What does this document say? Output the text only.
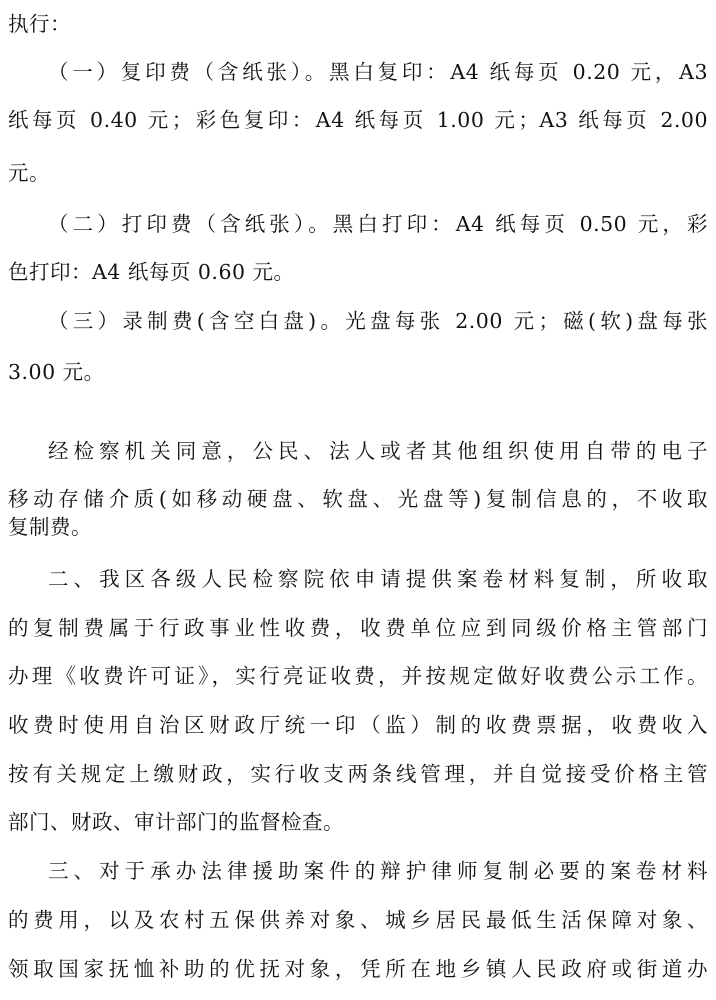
执行：
（一）复印费（含纸张）。黑白复印：A4 纸每页 0.20 元，A3
纸每页 0.40 元；彩色复印：A4 纸每页 1.00 元；A3 纸每页 2.00
元。
（二）打印费（含纸张）。黑白打印：A4 纸每页 0.50 元，彩
色打印：A4 纸每页 0.60 元。
（三）录制费(含空白盘)。光盘每张 2.00 元；磁(软)盘每张
3.00 元。
经检察机关同意，公民、法人或者其他组织使用自带的电子
移动存储介质(如移动硬盘、软盘、光盘等)复制信息的，不收取
复制费。
二、我区各级人民检察院依申请提供案卷材料复制，所收取
的复制费属于行政事业性收费，收费单位应到同级价格主管部门
办理《收费许可证》，实行亮证收费，并按规定做好收费公示工作。
收费时使用自治区财政厅统一印（监）制的收费票据，收费收入
按有关规定上缴财政，实行收支两条线管理，并自觉接受价格主管
部门、财政、审计部门的监督检查。
三、对于承办法律援助案件的辩护律师复制必要的案卷材料
的费用，以及农村五保供养对象、城乡居民最低生活保障对象、
领取国家抚恤补助的优抚对象，凭所在地乡镇人民政府或街道办
